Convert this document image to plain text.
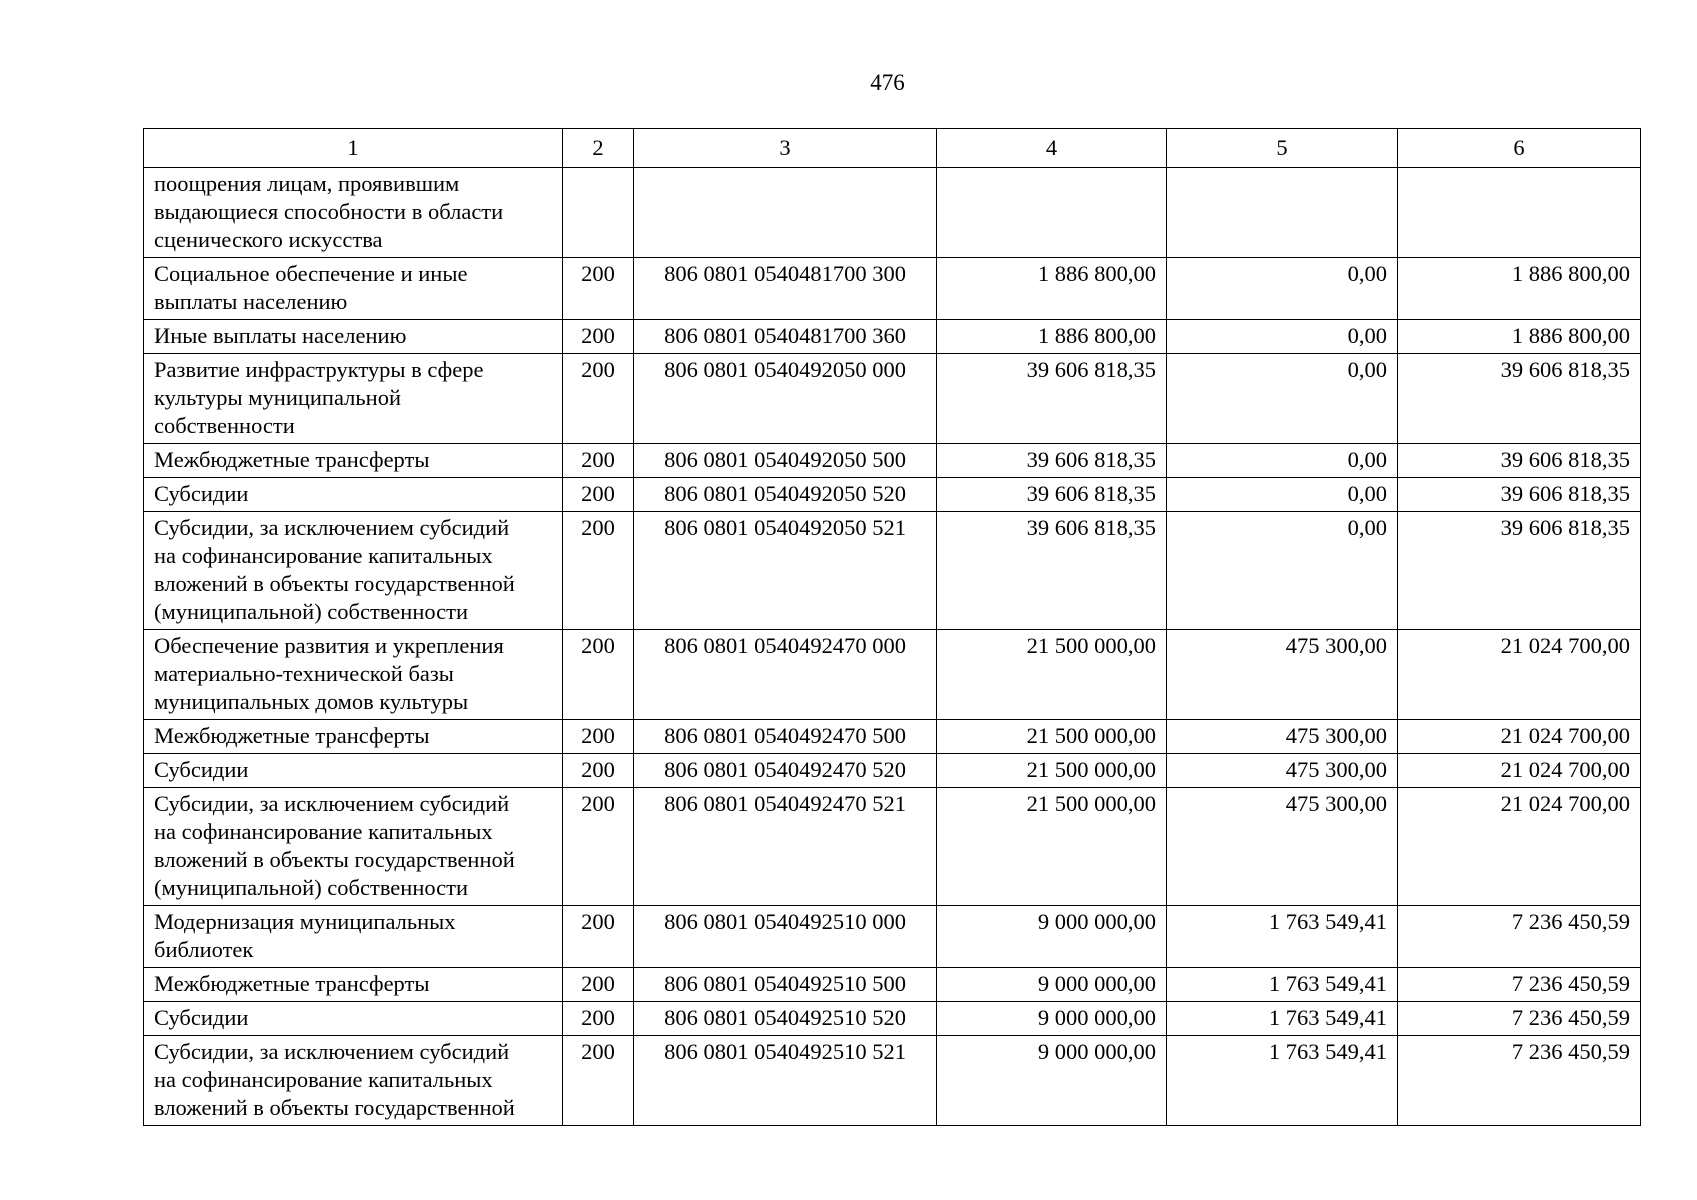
476
1	2	3	4	5	6
поощрения лицам, проявившим
выдающиеся способности в области
сценического искусства					
Социальное обеспечение и иные
выплаты населению	200	806 0801 0540481700 300	1 886 800,00	0,00	1 886 800,00
Иные выплаты населению	200	806 0801 0540481700 360	1 886 800,00	0,00	1 886 800,00
Развитие инфраструктуры в сфере
культуры муниципальной
собственности	200	806 0801 0540492050 000	39 606 818,35	0,00	39 606 818,35
Межбюджетные трансферты	200	806 0801 0540492050 500	39 606 818,35	0,00	39 606 818,35
Субсидии	200	806 0801 0540492050 520	39 606 818,35	0,00	39 606 818,35
Субсидии, за исключением субсидий
на софинансирование капитальных
вложений в объекты государственной
(муниципальной) собственности	200	806 0801 0540492050 521	39 606 818,35	0,00	39 606 818,35
Обеспечение развития и укрепления
материально-технической базы
муниципальных домов культуры	200	806 0801 0540492470 000	21 500 000,00	475 300,00	21 024 700,00
Межбюджетные трансферты	200	806 0801 0540492470 500	21 500 000,00	475 300,00	21 024 700,00
Субсидии	200	806 0801 0540492470 520	21 500 000,00	475 300,00	21 024 700,00
Субсидии, за исключением субсидий
на софинансирование капитальных
вложений в объекты государственной
(муниципальной) собственности	200	806 0801 0540492470 521	21 500 000,00	475 300,00	21 024 700,00
Модернизация муниципальных
библиотек	200	806 0801 0540492510 000	9 000 000,00	1 763 549,41	7 236 450,59
Межбюджетные трансферты	200	806 0801 0540492510 500	9 000 000,00	1 763 549,41	7 236 450,59
Субсидии	200	806 0801 0540492510 520	9 000 000,00	1 763 549,41	7 236 450,59
Субсидии, за исключением субсидий
на софинансирование капитальных
вложений в объекты государственной	200	806 0801 0540492510 521	9 000 000,00	1 763 549,41	7 236 450,59
